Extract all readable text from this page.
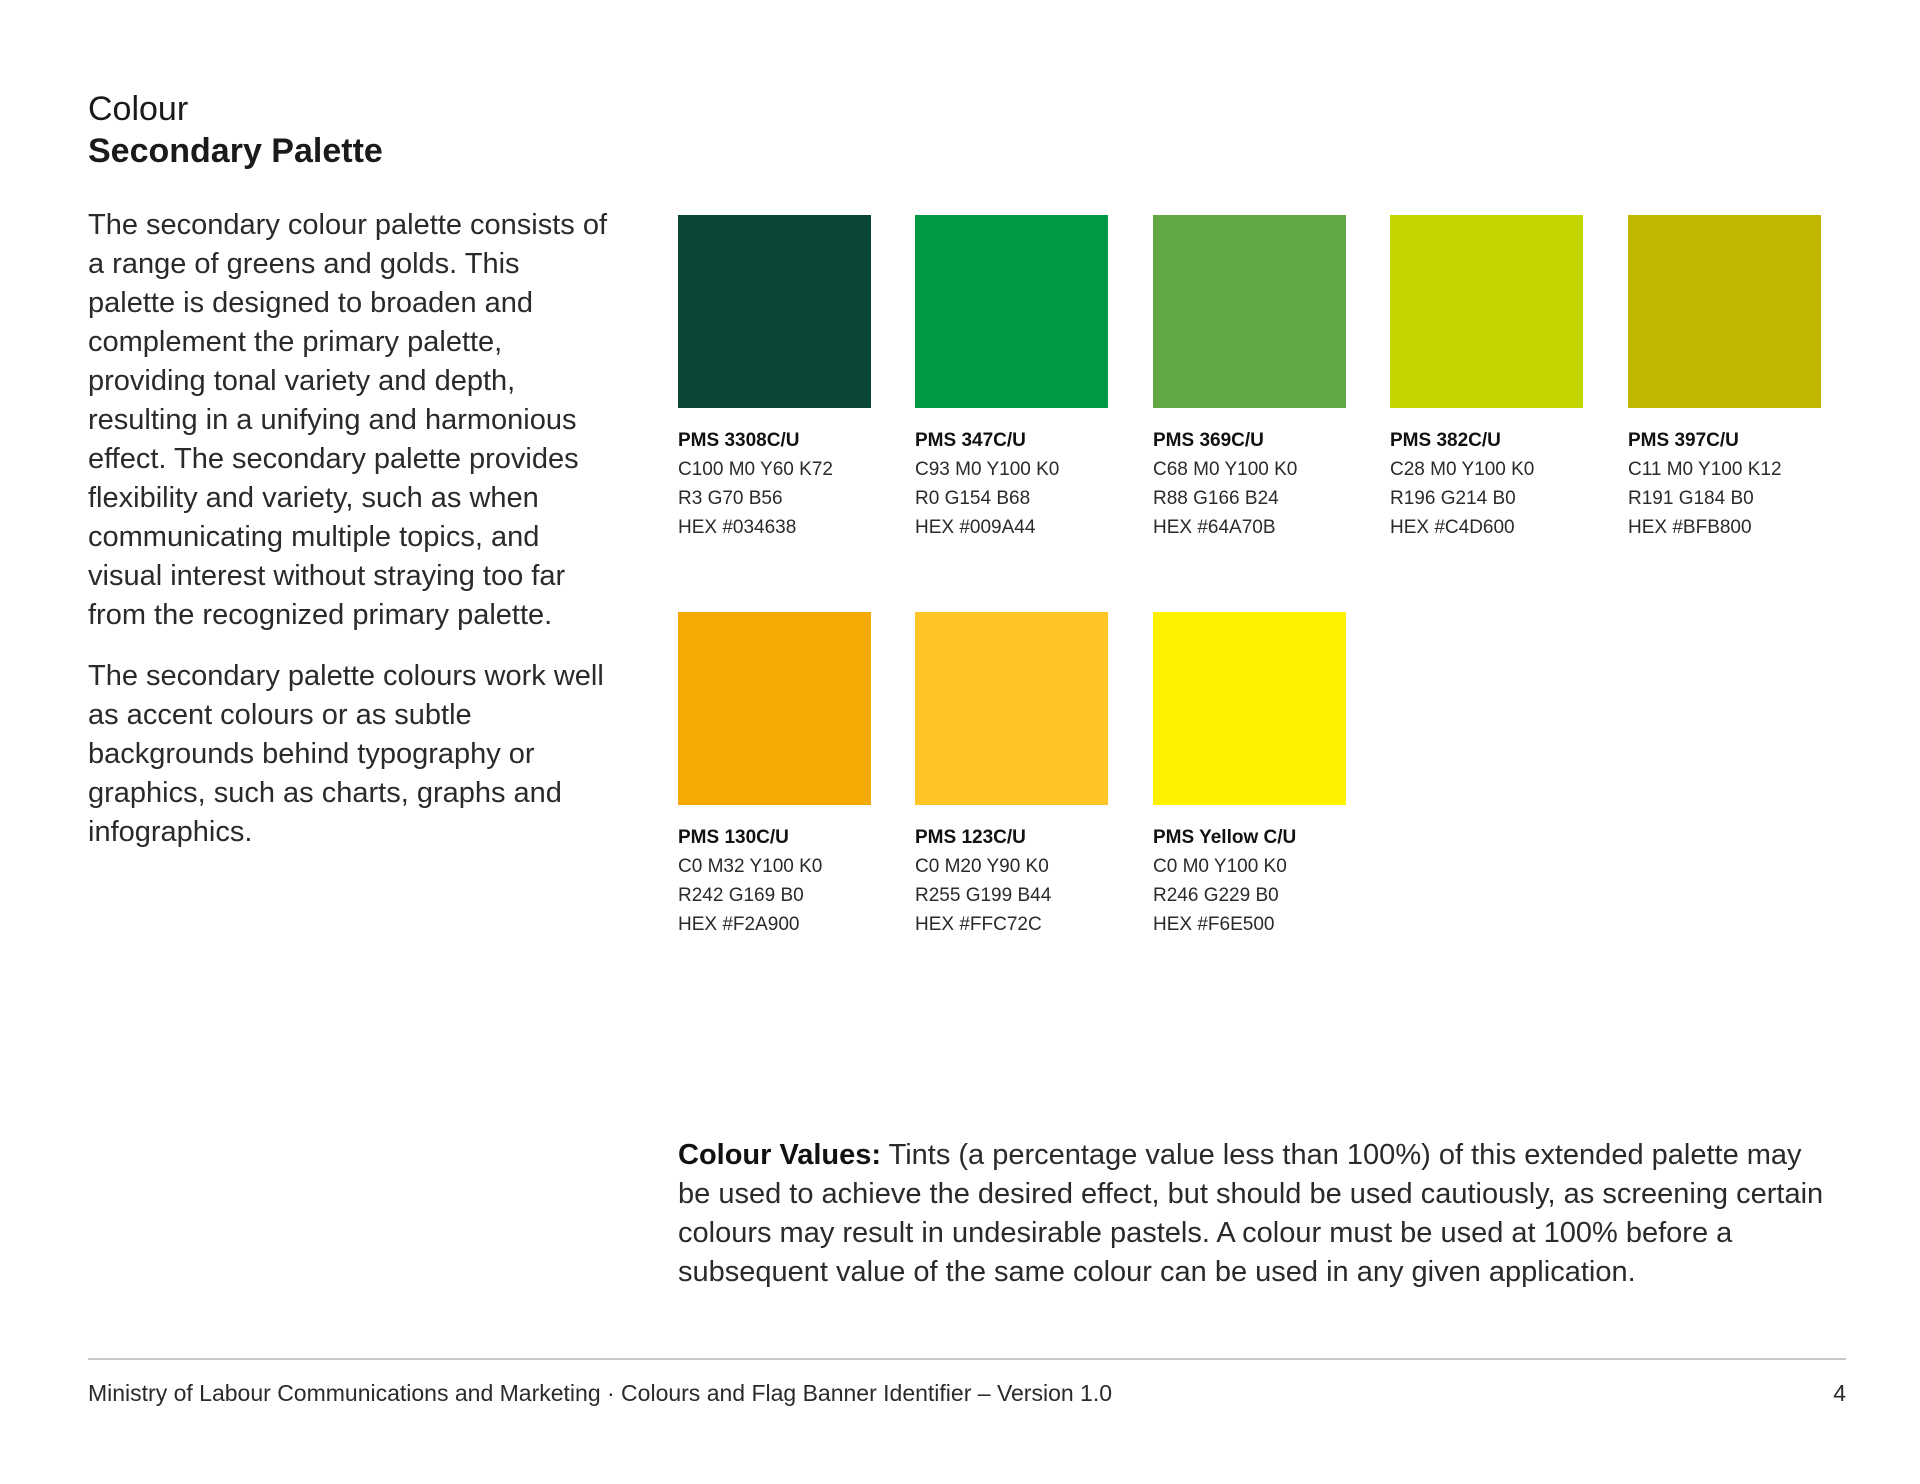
Colour
Secondary Palette

The secondary colour palette consists of a range of greens and golds. This palette is designed to broaden and complement the primary palette, providing tonal variety and depth, resulting in a unifying and harmonious effect. The secondary palette provides flexibility and variety, such as when communicating multiple topics, and visual interest without straying too far from the recognized primary palette.

The secondary palette colours work well as accent colours or as subtle backgrounds behind typography or graphics, such as charts, graphs and infographics.

PMS 3308C/U
C100 M0 Y60 K72
R3 G70 B56
HEX #034638
PMS 347C/U
C93 M0 Y100 K0
R0 G154 B68
HEX #009A44
PMS 369C/U
C68 M0 Y100 K0
R88 G166 B24
HEX #64A70B
PMS 382C/U
C28 M0 Y100 K0
R196 G214 B0
HEX #C4D600
PMS 397C/U
C11 M0 Y100 K12
R191 G184 B0
HEX #BFB800
PMS 130C/U
C0 M32 Y100 K0
R242 G169 B0
HEX #F2A900
PMS 123C/U
C0 M20 Y90 K0
R255 G199 B44
HEX #FFC72C
PMS Yellow C/U
C0 M0 Y100 K0
R246 G229 B0
HEX #F6E500
Colour Values: Tints (a percentage value less than 100%) of this extended palette may be used to achieve the desired effect, but should be used cautiously, as screening certain colours may result in undesirable pastels. A colour must be used at 100% before a subsequent value of the same colour can be used in any given application.
Ministry of Labour Communications and Marketing · Colours and Flag Banner Identifier – Version 1.0	4
